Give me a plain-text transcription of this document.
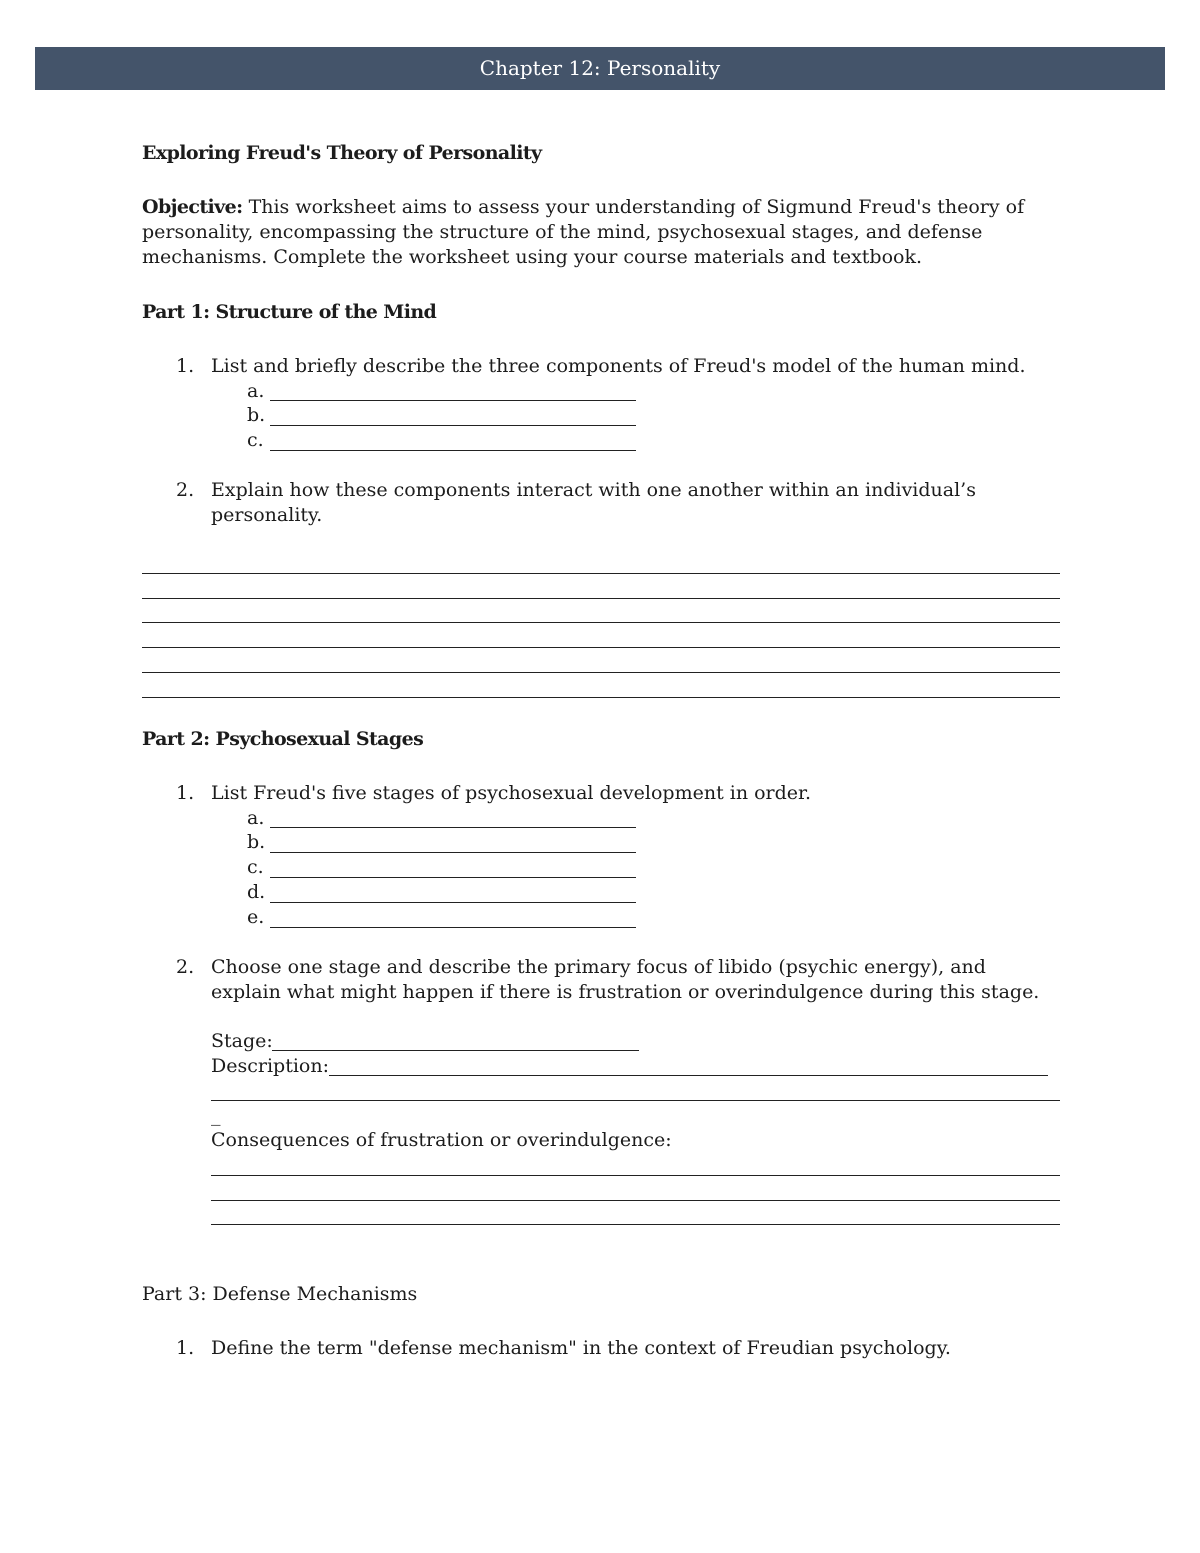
Chapter 12: Personality
Exploring Freud's Theory of Personality
Objective: This worksheet aims to assess your understanding of Sigmund Freud's theory of
personality, encompassing the structure of the mind, psychosexual stages, and defense
mechanisms. Complete the worksheet using your course materials and textbook.
Part 1: Structure of the Mind
1. List and briefly describe the three components of Freud's model of the human mind.
a.
b.
c.
2. Explain how these components interact with one another within an individual’s
personality.
Part 2: Psychosexual Stages
1. List Freud's five stages of psychosexual development in order.
a.
b.
c.
d.
e.
2. Choose one stage and describe the primary focus of libido (psychic energy), and
explain what might happen if there is frustration or overindulgence during this stage.
Stage:
Description:
_
Consequences of frustration or overindulgence:
Part 3: Defense Mechanisms
1. Define the term "defense mechanism" in the context of Freudian psychology.
